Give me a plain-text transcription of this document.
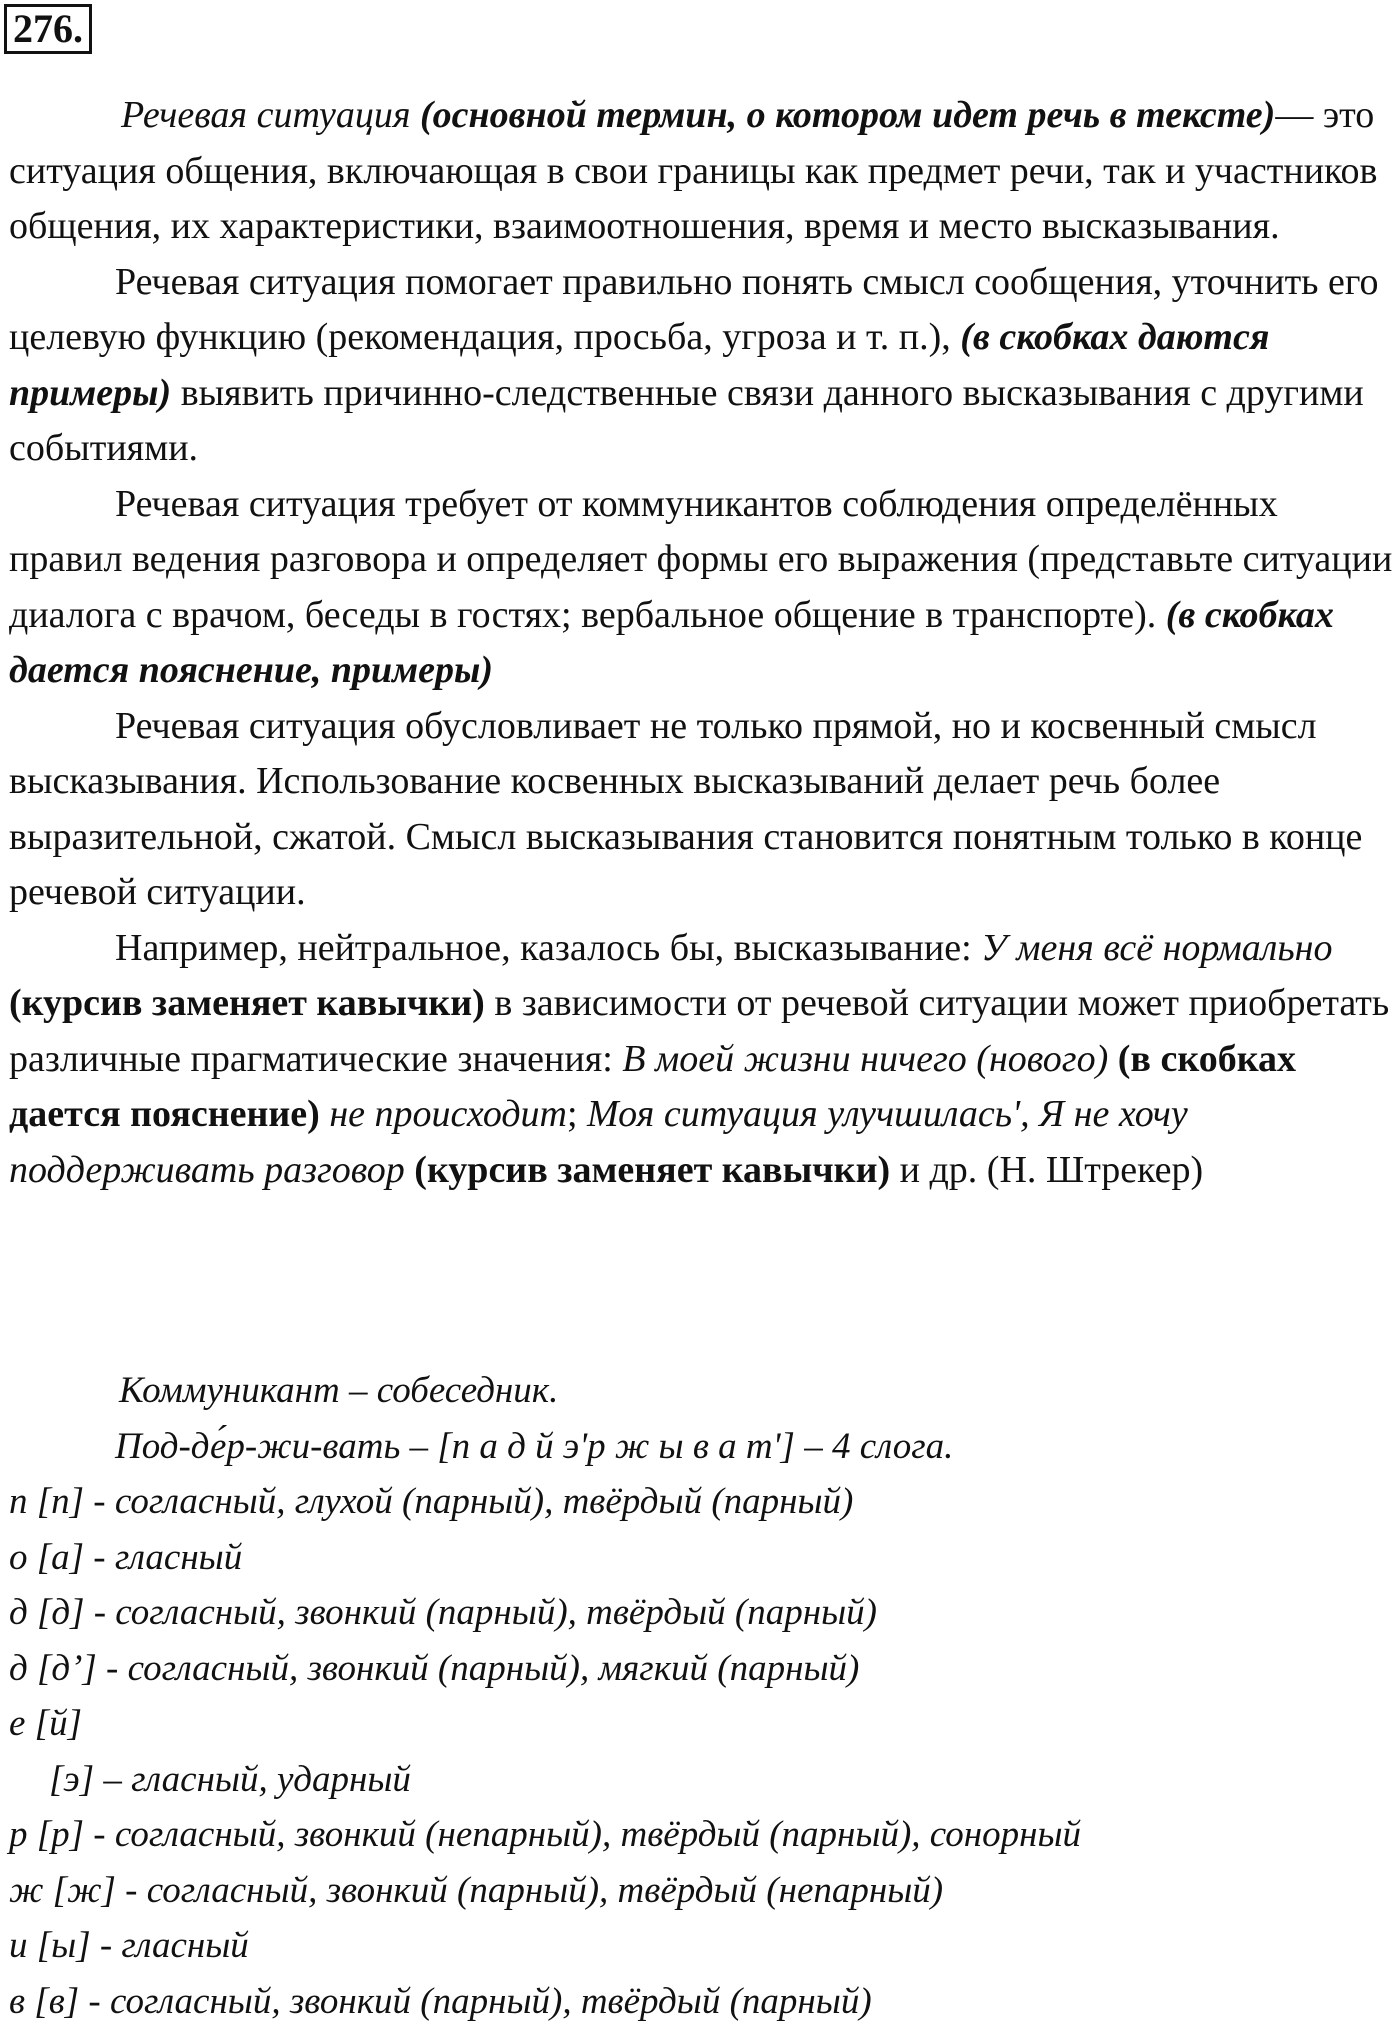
276.

Речевая ситуация (основной термин, о котором идет речь в тексте)— это ситуация общения, включающая в свои границы как предмет речи, так и участников общения, их характеристики, взаимоотношения, время и место высказывания.

Речевая ситуация помогает правильно понять смысл сообщения, уточнить его целевую функцию (рекомендация, просьба, угроза и т. п.), (в скобках даются примеры) выявить причинно-следственные связи данного высказывания с другими событиями.

Речевая ситуация требует от коммуникантов соблюдения определённых правил ведения разговора и определяет формы его выражения (представьте ситуации диалога с врачом, беседы в гостях; вербальное общение в транспорте). (в скобках дается пояснение, примеры)

Речевая ситуация обусловливает не только прямой, но и косвенный смысл высказывания. Использование косвенных высказываний делает речь более выразительной, сжатой. Смысл высказывания становится понятным только в конце речевой ситуации.

Например, нейтральное, казалось бы, высказывание: У меня всё нормально (курсив заменяет кавычки) в зависимости от речевой ситуации может приобретать различные прагматические значения: В моей жизни ничего (нового) (в скобках дается пояснение) не происходит; Моя ситуация улучшилась', Я не хочу поддерживать разговор (курсив заменяет кавычки) и др. (Н. Штрекер)

Коммуникант – собеседник.
Под-де́р-жи-вать – [п а д й э'р ж ы в а т'] – 4 слога.
п [п] - согласный, глухой (парный), твёрдый (парный)
о [а] - гласный
д [д] - согласный, звонкий (парный), твёрдый (парный)
д [д’] - согласный, звонкий (парный), мягкий (парный)
е [й]
[э] – гласный, ударный
р [р] - согласный, звонкий (непарный), твёрдый (парный), сонорный
ж [ж] - согласный, звонкий (парный), твёрдый (непарный)
и [ы] - гласный
в [в] - согласный, звонкий (парный), твёрдый (парный)
